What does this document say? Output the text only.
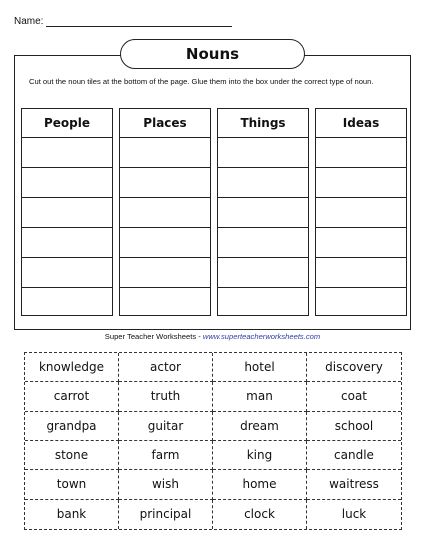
Name:
Nouns
Cut out the noun tiles at the bottom of the page. Glue them into the box under the correct type of noun.
People	Places	Things	Ideas
Super Teacher Worksheets - www.superteacherworksheets.com
knowledge	actor	hotel	discovery
carrot	truth	man	coat
grandpa	guitar	dream	school
stone	farm	king	candle
town	wish	home	waitress
bank	principal	clock	luck
